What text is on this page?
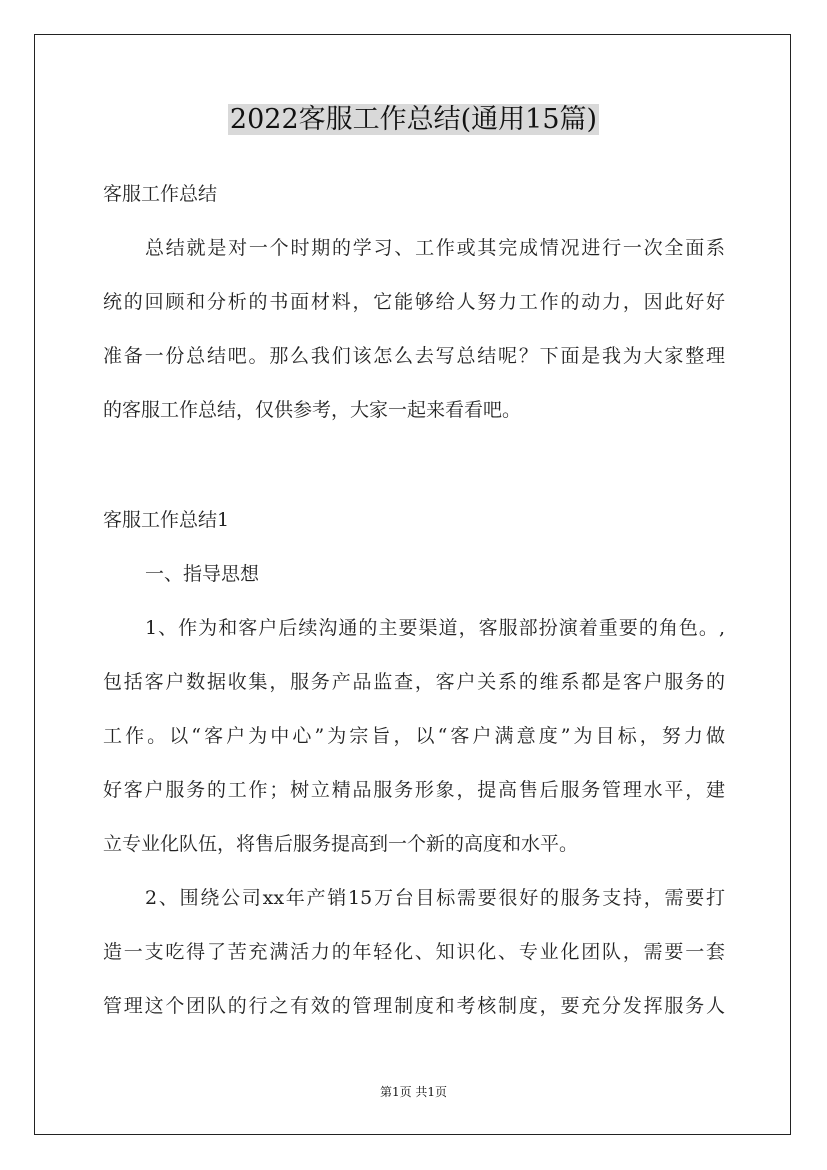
2022客服工作总结(通用15篇)
客服工作总结
总结就是对一个时期的学习、工作或其完成情况进行一次全面系
统的回顾和分析的书面材料，它能够给人努力工作的动力，因此好好
准备一份总结吧。那么我们该怎么去写总结呢？下面是我为大家整理
的客服工作总结，仅供参考，大家一起来看看吧。
客服工作总结1
一、指导思想
1、作为和客户后续沟通的主要渠道，客服部扮演着重要的角色。,
包括客户数据收集，服务产品监查，客户关系的维系都是客户服务的
工作。以“客户为中心”为宗旨，以“客户满意度”为目标，努力做
好客户服务的工作；树立精品服务形象，提高售后服务管理水平，建
立专业化队伍，将售后服务提高到一个新的高度和水平。
2、围绕公司xx年产销15万台目标需要很好的服务支持，需要打
造一支吃得了苦充满活力的年轻化、知识化、专业化团队，需要一套
管理这个团队的行之有效的管理制度和考核制度，要充分发挥服务人
第1页 共1页
